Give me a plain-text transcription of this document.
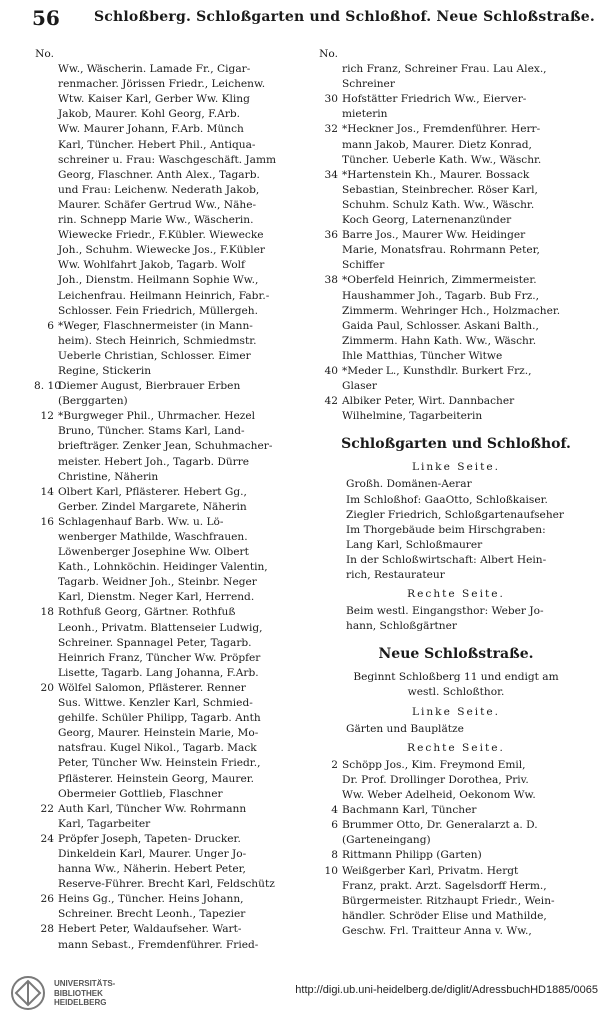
56 Schloßberg. Schloßgarten und Schloßhof. Neue Schloßstraße.
No.
Ww., Wäscherin. Lamade Fr., Cigar-
renmacher. Jörissen Friedr., Leichenw.
Wtw. Kaiser Karl, Gerber Ww. Kling
Jakob, Maurer. Kohl Georg, F.Arb.
Ww. Maurer Johann, F.Arb. Münch
Karl, Tüncher. Hebert Phil., Antiqua-
schreiner u. Frau: Waschgeschäft. Jamm
Georg, Flaschner. Anth Alex., Tagarb.
und Frau: Leichenw. Nederath Jakob,
Maurer. Schäfer Gertrud Ww., Nähe-
rin. Schnepp Marie Ww., Wäscherin.
Wiewecke Friedr., F.Kübler. Wiewecke
Joh., Schuhm. Wiewecke Jos., F.Kübler
Ww. Wohlfahrt Jakob, Tagarb. Wolf
Joh., Dienstm. Heilmann Sophie Ww.,
Leichenfrau. Heilmann Heinrich, Fabr.-
Schlosser. Fein Friedrich, Müllergeh.
6 *Weger, Flaschnermeister (in Mann-
heim). Stech Heinrich, Schmiedmstr.
Ueberle Christian, Schlosser. Eimer
Regine, Stickerin
8. 10Diemer August, Bierbrauer Erben
(Berggarten)
12 *Burgweger Phil., Uhrmacher. Hezel
Bruno, Tüncher. Stams Karl, Land-
briefträger. Zenker Jean, Schuhmacher-
meister. Hebert Joh., Tagarb. Dürre
Christine, Näherin
14 Olbert Karl, Pflästerer. Hebert Gg.,
Gerber. Zindel Margarete, Näherin
16 Schlagenhauf Barb. Ww. u. Lö-
wenberger Mathilde, Waschfrauen.
Löwenberger Josephine Ww. Olbert
Kath., Lohnköchin. Heidinger Valentin,
Tagarb. Weidner Joh., Steinbr. Neger
Karl, Dienstm. Neger Karl, Herrend.
18 Rothfuß Georg, Gärtner. Rothfuß
Leonh., Privatm. Blattenseier Ludwig,
Schreiner. Spannagel Peter, Tagarb.
Heinrich Franz, Tüncher Ww. Pröpfer
Lisette, Tagarb. Lang Johanna, F.Arb.
20 Wölfel Salomon, Pflästerer. Renner
Sus. Wittwe. Kenzler Karl, Schmied-
gehilfe. Schüler Philipp, Tagarb. Anth
Georg, Maurer. Heinstein Marie, Mo-
natsfrau. Kugel Nikol., Tagarb. Mack
Peter, Tüncher Ww. Heinstein Friedr.,
Pflästerer. Heinstein Georg, Maurer.
Obermeier Gottlieb, Flaschner
22 Auth Karl, Tüncher Ww. Rohrmann
Karl, Tagarbeiter
24 Pröpfer Joseph, Tapeten- Drucker.
Dinkeldein Karl, Maurer. Unger Jo-
hanna Ww., Näherin. Hebert Peter,
Reserve-Führer. Brecht Karl, Feldschütz
26 Heins Gg., Tüncher. Heins Johann,
Schreiner. Brecht Leonh., Tapezier
28 Hebert Peter, Waldaufseher. Wart-
mann Sebast., Fremdenführer. Fried-
No.
rich Franz, Schreiner Frau. Lau Alex.,
Schreiner
30 Hofstätter Friedrich Ww., Eierver-
mieterin
32 *Heckner Jos., Fremdenführer. Herr-
mann Jakob, Maurer. Dietz Konrad,
Tüncher. Ueberle Kath. Ww., Wäschr.
34 *Hartenstein Kh., Maurer. Bossack
Sebastian, Steinbrecher. Röser Karl,
Schuhm. Schulz Kath. Ww., Wäschr.
Koch Georg, Laternenanzünder
36 Barre Jos., Maurer Ww. Heidinger
Marie, Monatsfrau. Rohrmann Peter,
Schiffer
38 *Oberfeld Heinrich, Zimmermeister.
Haushammer Joh., Tagarb. Bub Frz.,
Zimmerm. Wehringer Hch., Holzmacher.
Gaida Paul, Schlosser. Askani Balth.,
Zimmerm. Hahn Kath. Ww., Wäschr.
Ihle Matthias, Tüncher Witwe
40 *Meder L., Kunsthdlr. Burkert Frz.,
Glaser
42 Albiker Peter, Wirt. Dannbacher
Wilhelmine, Tagarbeiterin
Schloßgarten und Schloßhof.
Linke Seite.
Großh. Domänen-Aerar
Im Schloßhof: GaaOtto, Schloßkaiser.
Ziegler Friedrich, Schloßgartenaufseher
Im Thorgebäude beim Hirschgraben:
Lang Karl, Schloßmaurer
In der Schloßwirtschaft: Albert Hein-
rich, Restaurateur
Rechte Seite.
Beim westl. Eingangsthor: Weber Jo-
hann, Schloßgärtner
Neue Schloßstraße.
Beginnt Schloßberg 11 und endigt am
westl. Schloßthor.
Linke Seite.
Gärten und Bauplätze
Rechte Seite.
2 Schöpp Jos., Kim. Freymond Emil,
Dr. Prof. Drollinger Dorothea, Priv.
Ww. Weber Adelheid, Oekonom Ww.
4 Bachmann Karl, Tüncher
6 Brummer Otto, Dr. Generalarzt a. D.
(Garteneingang)
8 Rittmann Philipp (Garten)
10 Weißgerber Karl, Privatm. Hergt
Franz, prakt. Arzt. Sagelsdorff Herm.,
Bürgermeister. Ritzhaupt Friedr., Wein-
händler. Schröder Elise und Mathilde,
Geschw. Frl. Traitteur Anna v. Ww.,
UNIVERSITÄTS-
BIBLIOTHEK
HEIDELBERG
http://digi.ub.uni-heidelberg.de/diglit/AdressbuchHD1885/0065
